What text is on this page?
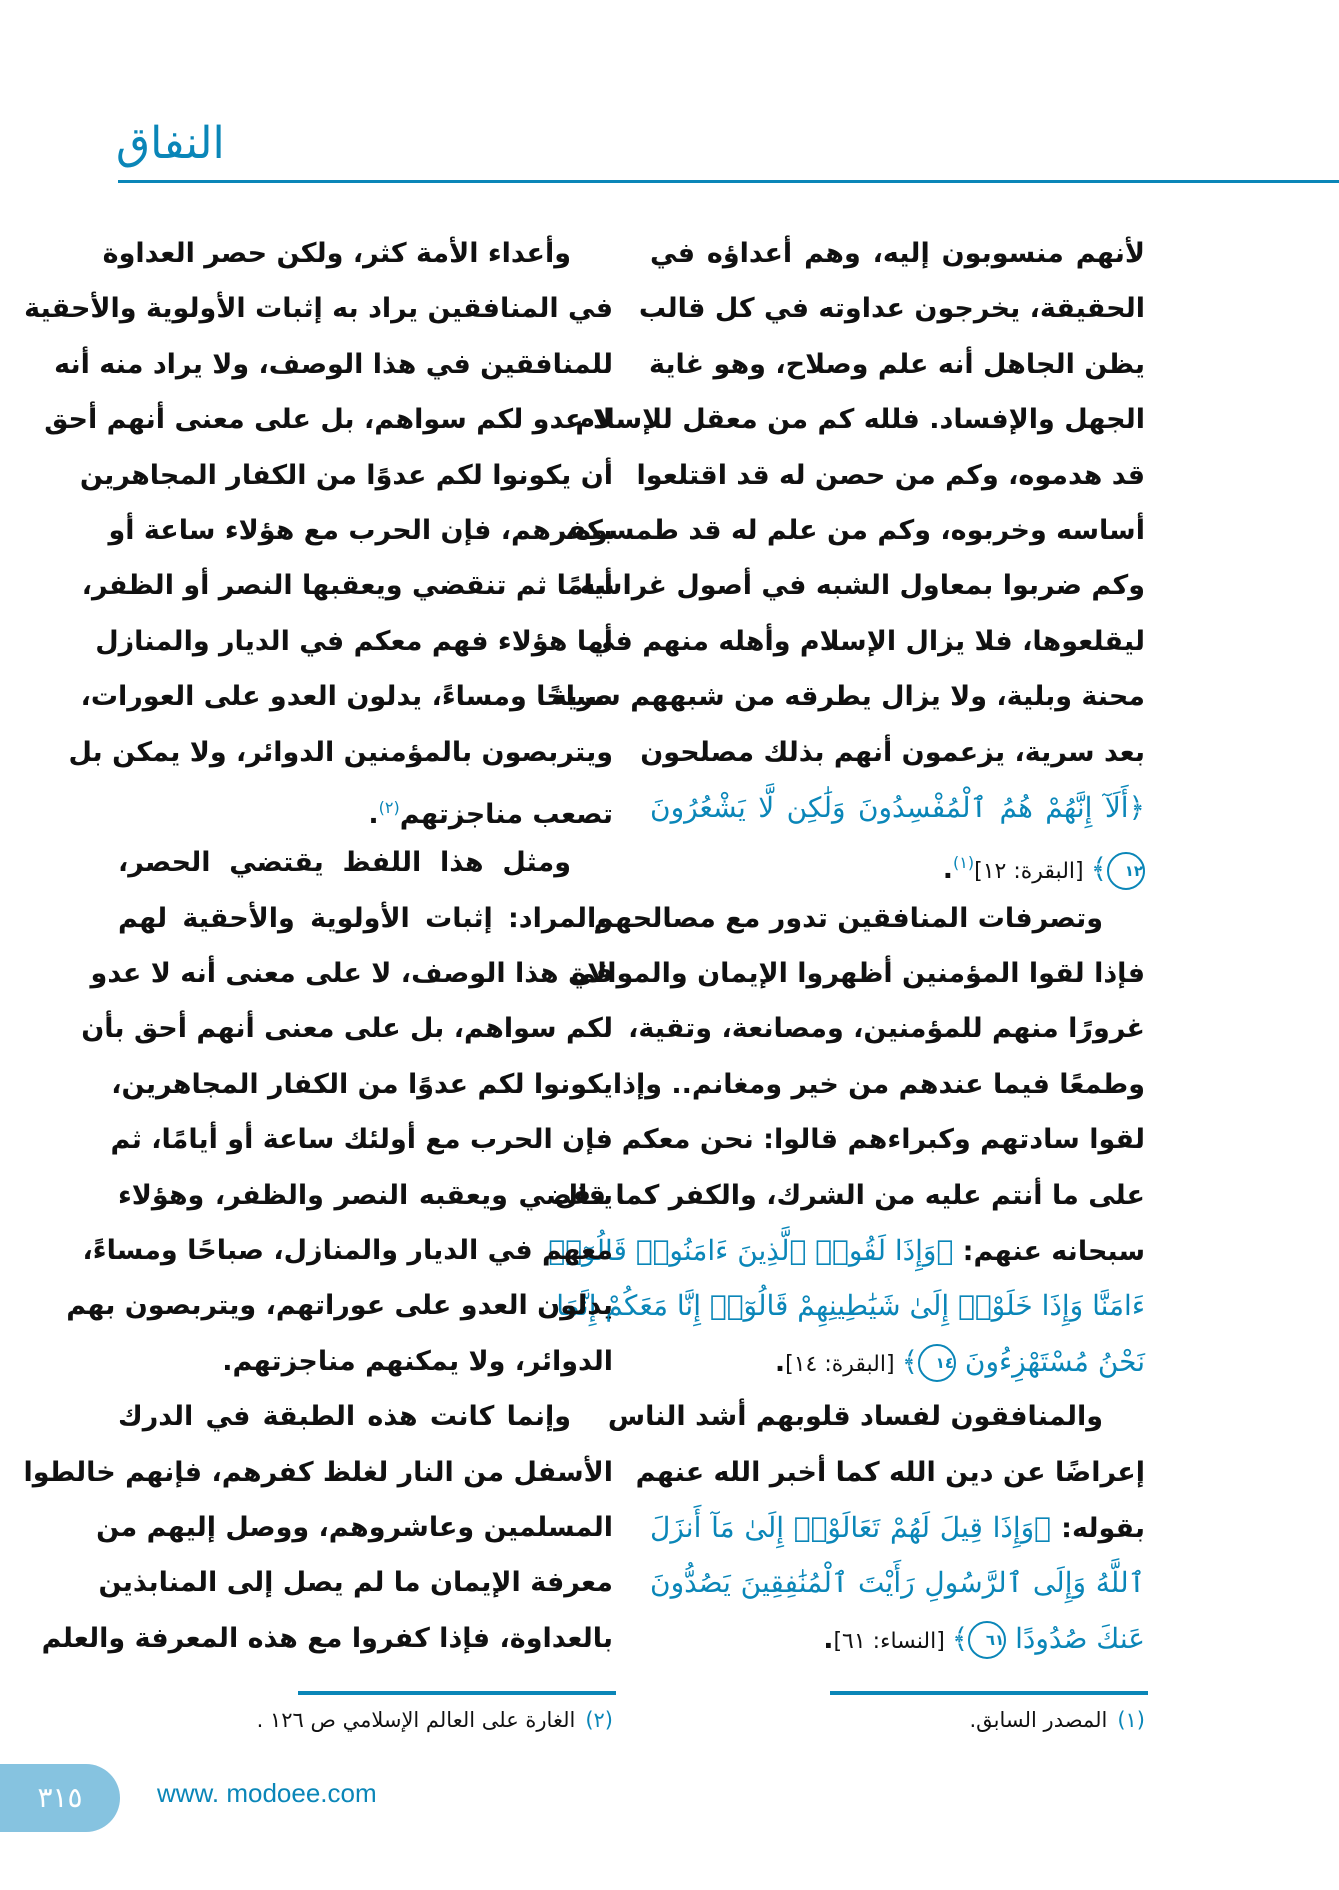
النفاق
لأنهم منسوبون إليه، وهم أعداؤه في
الحقيقة، يخرجون عداوته في كل قالب
يظن الجاهل أنه علم وصلاح، وهو غاية
الجهل والإفساد. فلله كم من معقل للإسلام
قد هدموه، وكم من حصن له قد اقتلعوا
أساسه وخربوه، وكم من علم له قد طمسوه،
وكم ضربوا بمعاول الشبه في أصول غراسه
ليقلعوها، فلا يزال الإسلام وأهله منهم في
محنة وبلية، ولا يزال يطرقه من شبههم سرية
بعد سرية، يزعمون أنهم بذلك مصلحون
﴿أَلَآ إِنَّهُمْ هُمُ ٱلْمُفْسِدُونَ وَلَٰكِن لَّا يَشْعُرُونَ
١٢﴾ [البقرة: ١٢]$^{(١)}$.
وتصرفات المنافقين تدور مع مصالحهم
فإذا لقوا المؤمنين أظهروا الإيمان والموالاة
غرورًا منهم للمؤمنين، ومصانعة، وتقية،
وطمعًا فيما عندهم من خير ومغانم.. وإذا
لقوا سادتهم وكبراءهم قالوا: نحن معكم
على ما أنتم عليه من الشرك، والكفر كما قال
سبحانه عنهم: ﴿وَإِذَا لَقُوا۟ ٱلَّذِينَ ءَامَنُوا۟ قَالُوٓا۟
ءَامَنَّا وَإِذَا خَلَوْا۟ إِلَىٰ شَيَٰطِينِهِمْ قَالُوٓا۟ إِنَّا مَعَكُمْ إِنَّمَا
نَحْنُ مُسْتَهْزِءُونَ ١٤﴾ [البقرة: ١٤].
والمنافقون لفساد قلوبهم أشد الناس
إعراضًا عن دين الله كما أخبر الله عنهم
بقوله: ﴿وَإِذَا قِيلَ لَهُمْ تَعَالَوْا۟ إِلَىٰ مَآ أَنزَلَ
ٱللَّهُ وَإِلَى ٱلرَّسُولِ رَأَيْتَ ٱلْمُنَٰفِقِينَ يَصُدُّونَ
عَنكَ صُدُودًا ٦١﴾ [النساء: ٦١].
وأعداء الأمة كثر، ولكن حصر العداوة
في المنافقين يراد به إثبات الأولوية والأحقية
للمنافقين في هذا الوصف، ولا يراد منه أنه
لا عدو لكم سواهم، بل على معنى أنهم أحق
أن يكونوا لكم عدوًا من الكفار المجاهرين
بكفرهم، فإن الحرب مع هؤلاء ساعة أو
أيامًا ثم تنقضي ويعقبها النصر أو الظفر،
أما هؤلاء فهم معكم في الديار والمنازل
صباحًا ومساءً، يدلون العدو على العورات،
ويتربصون بالمؤمنين الدوائر، ولا يمكن بل
تصعب مناجزتهم$^{(٢)}$.
ومثل هذا اللفظ يقتضي الحصر،
والمراد: إثبات الأولوية والأحقية لهم
في هذا الوصف، لا على معنى أنه لا عدو
لكم سواهم، بل على معنى أنهم أحق بأن
يكونوا لكم عدوًا من الكفار المجاهرين،
فإن الحرب مع أولئك ساعة أو أيامًا، ثم
ينقضي ويعقبه النصر والظفر، وهؤلاء
معهم في الديار والمنازل، صباحًا ومساءً،
يدلون العدو على عوراتهم، ويتربصون بهم
الدوائر، ولا يمكنهم مناجزتهم.
وإنما كانت هذه الطبقة في الدرك
الأسفل من النار لغلظ كفرهم، فإنهم خالطوا
المسلمين وعاشروهم، ووصل إليهم من
معرفة الإيمان ما لم يصل إلى المنابذين
بالعداوة، فإذا كفروا مع هذه المعرفة والعلم
(١)المصدر السابق.
(٢)الغارة على العالم الإسلامي ص ١٢٦ .
٣١٥	www. modoee.com
